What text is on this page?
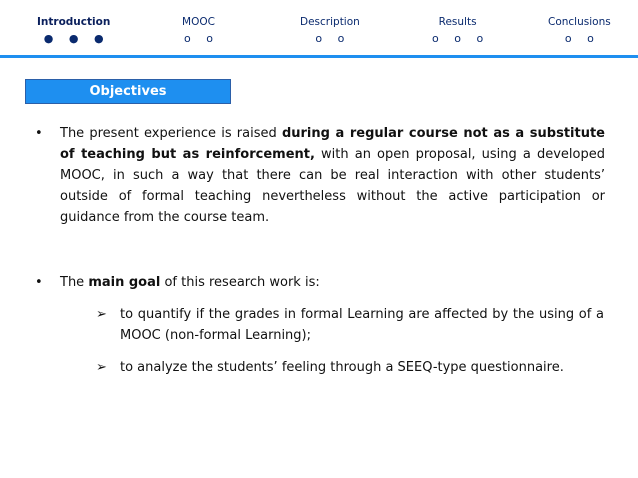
Introduction
● ● ●
MOOC
o o
Description
o o
Results
o o o
Conclusions
o o
Objectives
•	The present experience is raised during a regular course not as a substitute of teaching but as reinforcement, with an open proposal, using a developed MOOC, in such a way that there can be real interaction with other students’ outside of formal teaching nevertheless without the active participation or guidance from the course team.
•	The main goal of this research work is:
➢ to quantify if the grades in formal Learning are affected by the using of a MOOC (non-formal Learning);
➢ to analyze the students’ feeling through a SEEQ-type questionnaire.
